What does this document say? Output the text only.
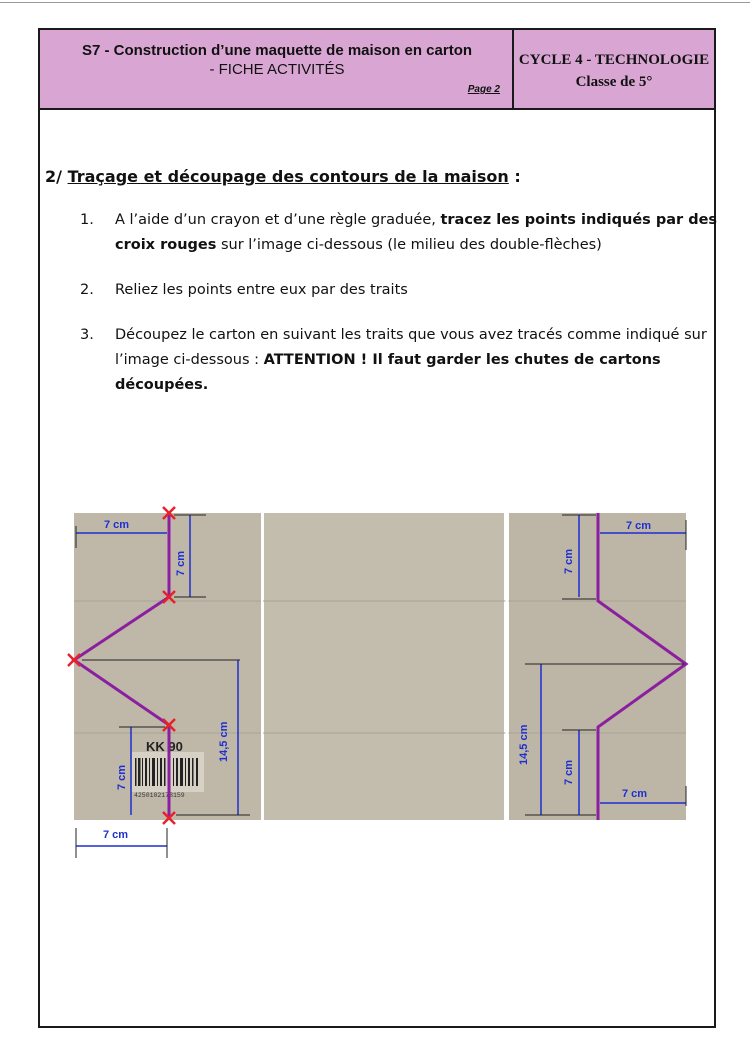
S7 - Construction d’une maquette de maison en carton
- FICHE ACTIVITÉS
Page 2
CYCLE 4 - TECHNOLOGIE
Classe de 5°
2/ Traçage et découpage des contours de la maison :
1. A l’aide d’un crayon et d’une règle graduée, tracez les points indiqués par des croix rouges sur l’image ci-dessous (le milieu des double-flèches)
2. Reliez les points entre eux par des traits
3. Découpez le carton en suivant les traits que vous avez tracés comme indiqué sur l’image ci-dessous : ATTENTION ! Il faut garder les chutes de cartons découpées.
KK 90
4250102178159
7 cm
7 cm
14,5 cm
7 cm
7 cm
7 cm
7 cm
14,5 cm
7 cm
7 cm
